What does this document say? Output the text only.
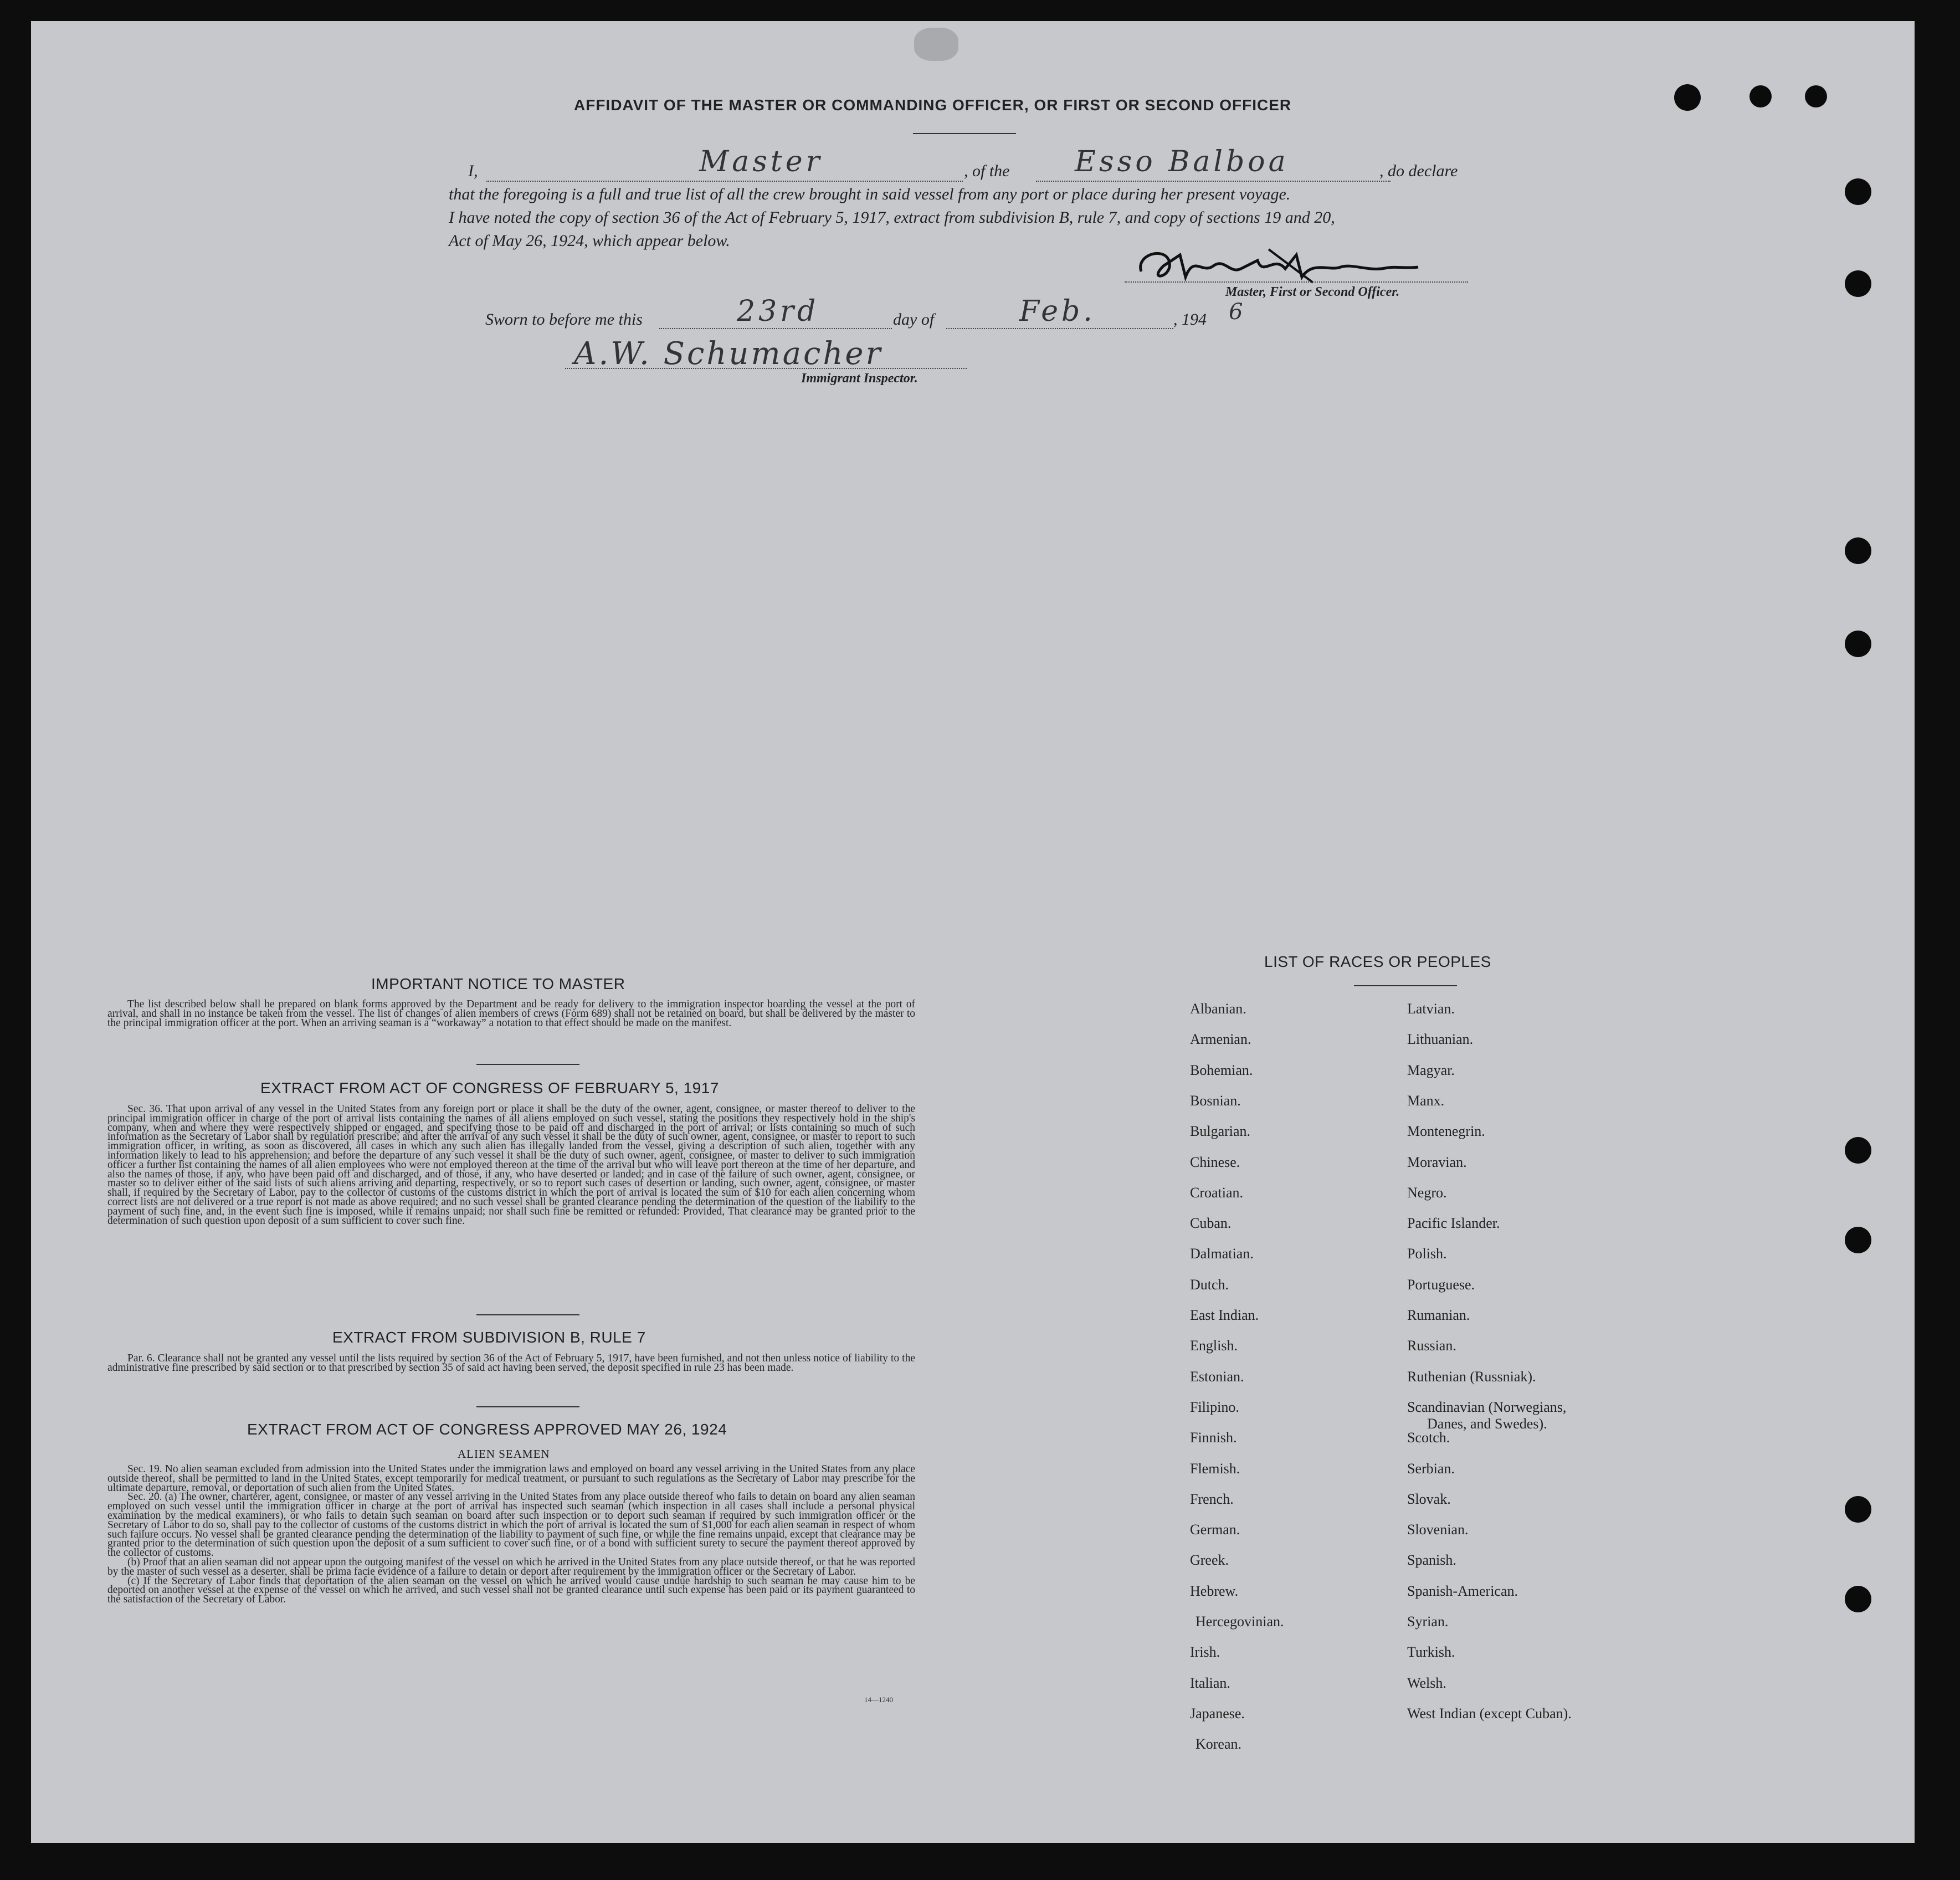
AFFIDAVIT OF THE MASTER OR COMMANDING OFFICER, OR FIRST OR SECOND OFFICER
I,	Master	, of the Esso Balboa	, do declare
that the foregoing is a full and true list of all the crew brought in said vessel from any port or place during her present voyage.
I have noted the copy of section 36 of the Act of February 5, 1917, extract from subdivision B, rule 7, and copy of sections 19 and 20,
Act of May 26, 1924, which appear below.
Master, First or Second Officer.
Sworn to before me this	23rd	day of	Feb.	, 194 6
A.W. Schumacher
Immigrant Inspector.
IMPORTANT NOTICE TO MASTER

The list described below shall be prepared on blank forms approved by the Department and be ready for delivery to the immigration inspector boarding the vessel at the port of arrival, and shall in no instance be taken from the vessel. The list of changes of alien members of crews (Form 689) shall not be retained on board, but shall be delivered by the master to the principal immigration officer at the port. When an arriving seaman is a “workaway” a notation to that effect should be made on the manifest.

EXTRACT FROM ACT OF CONGRESS OF FEBRUARY 5, 1917

Sec. 36. That upon arrival of any vessel in the United States from any foreign port or place it shall be the duty of the owner, agent, consignee, or master thereof to deliver to the principal immigration officer in charge of the port of arrival lists containing the names of all aliens employed on such vessel, stating the positions they respectively hold in the ship's company, when and where they were respectively shipped or engaged, and specifying those to be paid off and discharged in the port of arrival; or lists containing so much of such information as the Secretary of Labor shall by regulation prescribe; and after the arrival of any such vessel it shall be the duty of such owner, agent, consignee, or master to report to such immigration officer, in writing, as soon as discovered, all cases in which any such alien has illegally landed from the vessel, giving a description of such alien, together with any information likely to lead to his apprehension; and before the departure of any such vessel it shall be the duty of such owner, agent, consignee, or master to deliver to such immigration officer a further list containing the names of all alien employees who were not employed thereon at the time of the arrival but who will leave port thereon at the time of her departure, and also the names of those, if any, who have been paid off and discharged, and of those, if any, who have deserted or landed; and in case of the failure of such owner, agent, consignee, or master so to deliver either of the said lists of such aliens arriving and departing, respectively, or so to report such cases of desertion or landing, such owner, agent, consignee, or master shall, if required by the Secretary of Labor, pay to the collector of customs of the customs district in which the port of arrival is located the sum of $10 for each alien concerning whom correct lists are not delivered or a true report is not made as above required; and no such vessel shall be granted clearance pending the determination of the question of the liability to the payment of such fine, and, in the event such fine is imposed, while it remains unpaid; nor shall such fine be remitted or refunded: Provided, That clearance may be granted prior to the determination of such question upon deposit of a sum sufficient to cover such fine.

EXTRACT FROM SUBDIVISION B, RULE 7

Par. 6. Clearance shall not be granted any vessel until the lists required by section 36 of the Act of February 5, 1917, have been furnished, and not then unless notice of liability to the administrative fine prescribed by said section or to that prescribed by section 35 of said act having been served, the deposit specified in rule 23 has been made.

EXTRACT FROM ACT OF CONGRESS APPROVED MAY 26, 1924
ALIEN SEAMEN

Sec. 19. No alien seaman excluded from admission into the United States under the immigration laws and employed on board any vessel arriving in the United States from any place outside thereof, shall be permitted to land in the United States, except temporarily for medical treatment, or pursuant to such regulations as the Secretary of Labor may prescribe for the ultimate departure, removal, or deportation of such alien from the United States.

Sec. 20. (a) The owner, charterer, agent, consignee, or master of any vessel arriving in the United States from any place outside thereof who fails to detain on board any alien seaman employed on such vessel until the immigration officer in charge at the port of arrival has inspected such seaman (which inspection in all cases shall include a personal physical examination by the medical examiners), or who fails to detain such seaman on board after such inspection or to deport such seaman if required by such immigration officer or the Secretary of Labor to do so, shall pay to the collector of customs of the customs district in which the port of arrival is located the sum of $1,000 for each alien seaman in respect of whom such failure occurs. No vessel shall be granted clearance pending the determination of the liability to payment of such fine, or while the fine remains unpaid, except that clearance may be granted prior to the determination of such question upon the deposit of a sum sufficient to cover such fine, or of a bond with sufficient surety to secure the payment thereof approved by the collector of customs.

(b) Proof that an alien seaman did not appear upon the outgoing manifest of the vessel on which he arrived in the United States from any place outside thereof, or that he was reported by the master of such vessel as a deserter, shall be prima facie evidence of a failure to detain or deport after requirement by the immigration officer or the Secretary of Labor.

(c) If the Secretary of Labor finds that deportation of the alien seaman on the vessel on which he arrived would cause undue hardship to such seaman he may cause him to be deported on another vessel at the expense of the vessel on which he arrived, and such vessel shall not be granted clearance until such expense has been paid or its payment guaranteed to the satisfaction of the Secretary of Labor.

14—1240
LIST OF RACES OR PEOPLES
Albanian.
Armenian.
Bohemian.
Bosnian.
Bulgarian.
Chinese.
Croatian.
Cuban.
Dalmatian.
Dutch.
East Indian.
English.
Estonian.
Filipino.
Finnish.
Flemish.
French.
German.
Greek.
Hebrew.
Hercegovinian.
Irish.
Italian.
Japanese.
Korean.
Latvian.
Lithuanian.
Magyar.
Manx.
Montenegrin.
Moravian.
Negro.
Pacific Islander.
Polish.
Portuguese.
Rumanian.
Russian.
Ruthenian (Russniak).
Scandinavian (Norwegians,
Danes, and Swedes).
Scotch.
Serbian.
Slovak.
Slovenian.
Spanish.
Spanish-American.
Syrian.
Turkish.
Welsh.
West Indian (except Cuban).
